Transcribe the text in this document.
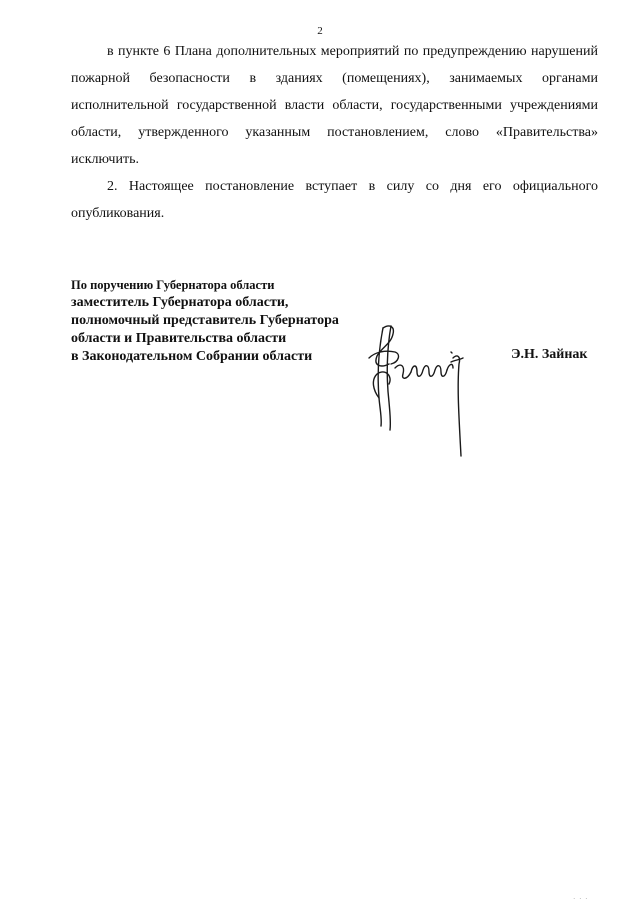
2

в пункте 6 Плана дополнительных мероприятий по предупреждению нарушений пожарной безопасности в зданиях (помещениях), занимаемых органами исполнительной государственной власти области, государственными учреждениями области, утвержденного указанным постановлением, слово «Правительства» исключить.

2. Настоящее постановление вступает в силу со дня его официального опубликования.

По поручению Губернатора области
заместитель Губернатора области,
полномочный представитель Губернатора
области и Правительства области
в Законодательном Собрании области	Э.Н. Зайнак
· · ·
